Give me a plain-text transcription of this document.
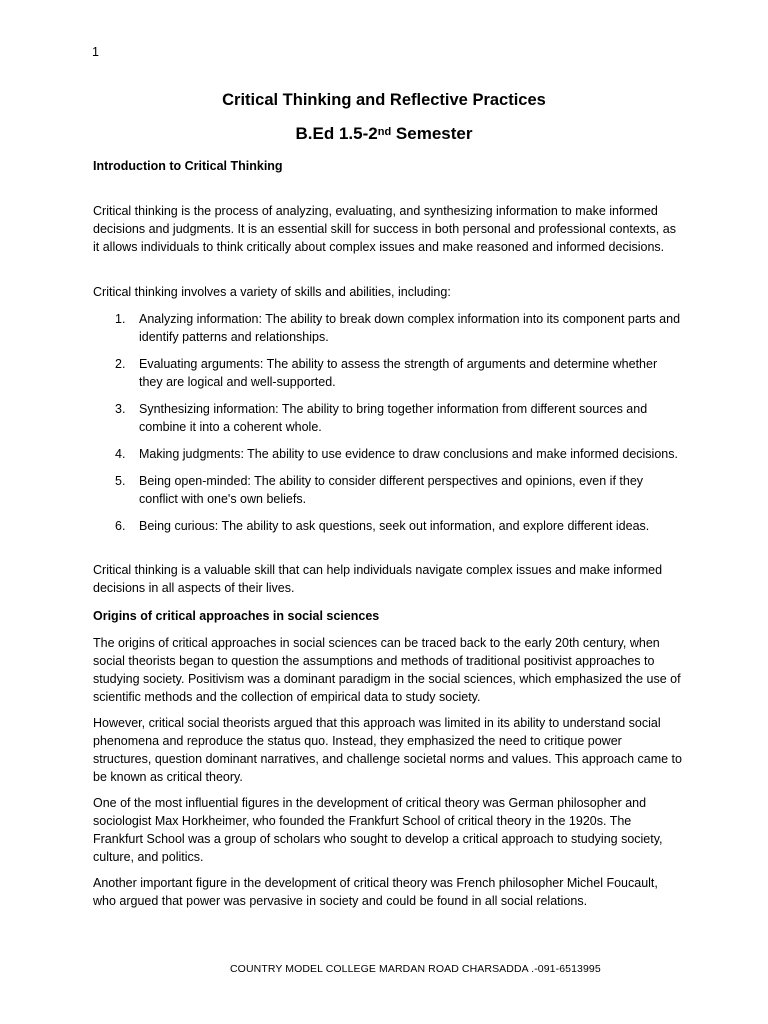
1
Critical Thinking and Reflective Practices
B.Ed 1.5-2nd Semester
Introduction to Critical Thinking

Critical thinking is the process of analyzing, evaluating, and synthesizing information to make informed decisions and judgments. It is an essential skill for success in both personal and professional contexts, as it allows individuals to think critically about complex issues and make reasoned and informed decisions.

Critical thinking involves a variety of skills and abilities, including:

1. Analyzing information: The ability to break down complex information into its component parts and identify patterns and relationships.
2. Evaluating arguments: The ability to assess the strength of arguments and determine whether they are logical and well-supported.
3. Synthesizing information: The ability to bring together information from different sources and combine it into a coherent whole.
4. Making judgments: The ability to use evidence to draw conclusions and make informed decisions.
5. Being open-minded: The ability to consider different perspectives and opinions, even if they conflict with one's own beliefs.
6. Being curious: The ability to ask questions, seek out information, and explore different ideas.

Critical thinking is a valuable skill that can help individuals navigate complex issues and make informed decisions in all aspects of their lives.

Origins of critical approaches in social sciences

The origins of critical approaches in social sciences can be traced back to the early 20th century, when social theorists began to question the assumptions and methods of traditional positivist approaches to studying society. Positivism was a dominant paradigm in the social sciences, which emphasized the use of scientific methods and the collection of empirical data to study society.

However, critical social theorists argued that this approach was limited in its ability to understand social phenomena and reproduce the status quo. Instead, they emphasized the need to critique power structures, question dominant narratives, and challenge societal norms and values. This approach came to be known as critical theory.

One of the most influential figures in the development of critical theory was German philosopher and sociologist Max Horkheimer, who founded the Frankfurt School of critical theory in the 1920s. The Frankfurt School was a group of scholars who sought to develop a critical approach to studying society, culture, and politics.

Another important figure in the development of critical theory was French philosopher Michel Foucault, who argued that power was pervasive in society and could be found in all social relations.

COUNTRY MODEL COLLEGE MARDAN ROAD CHARSADDA .-091-6513995
